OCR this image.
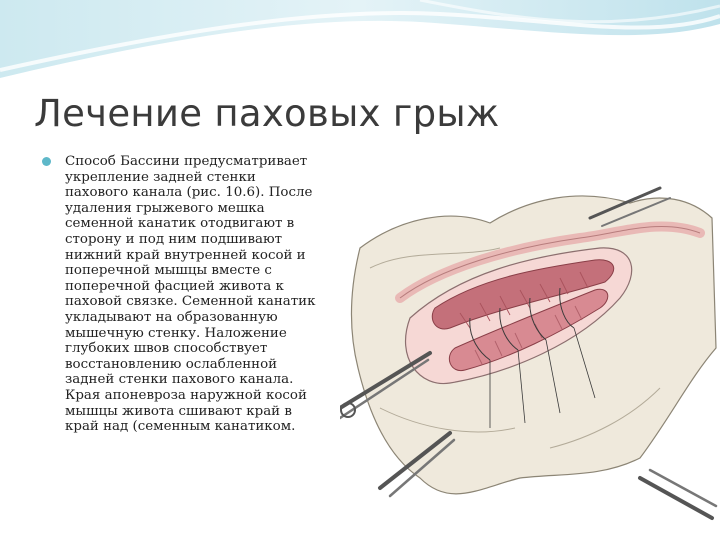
Лечение паховых грыж
Способ Бассини предусматривает
укрепление задней стенки
пахового канала (рис. 10.6). После
удаления грыжевого мешка
семенной канатик отодвигают в
сторону и под ним подшивают
нижний край внутренней косой и
поперечной мышцы вместе с
поперечной фасцией живота к
паховой связке. Семенной канатик
укладывают на образованную
мышечную стенку. Наложение
глубоких швов способствует
восстановлению ослабленной
задней стенки пахового канала.
Края апоневроза наружной косой
мышцы живота сшивают край в
край над (семенным канатиком.
